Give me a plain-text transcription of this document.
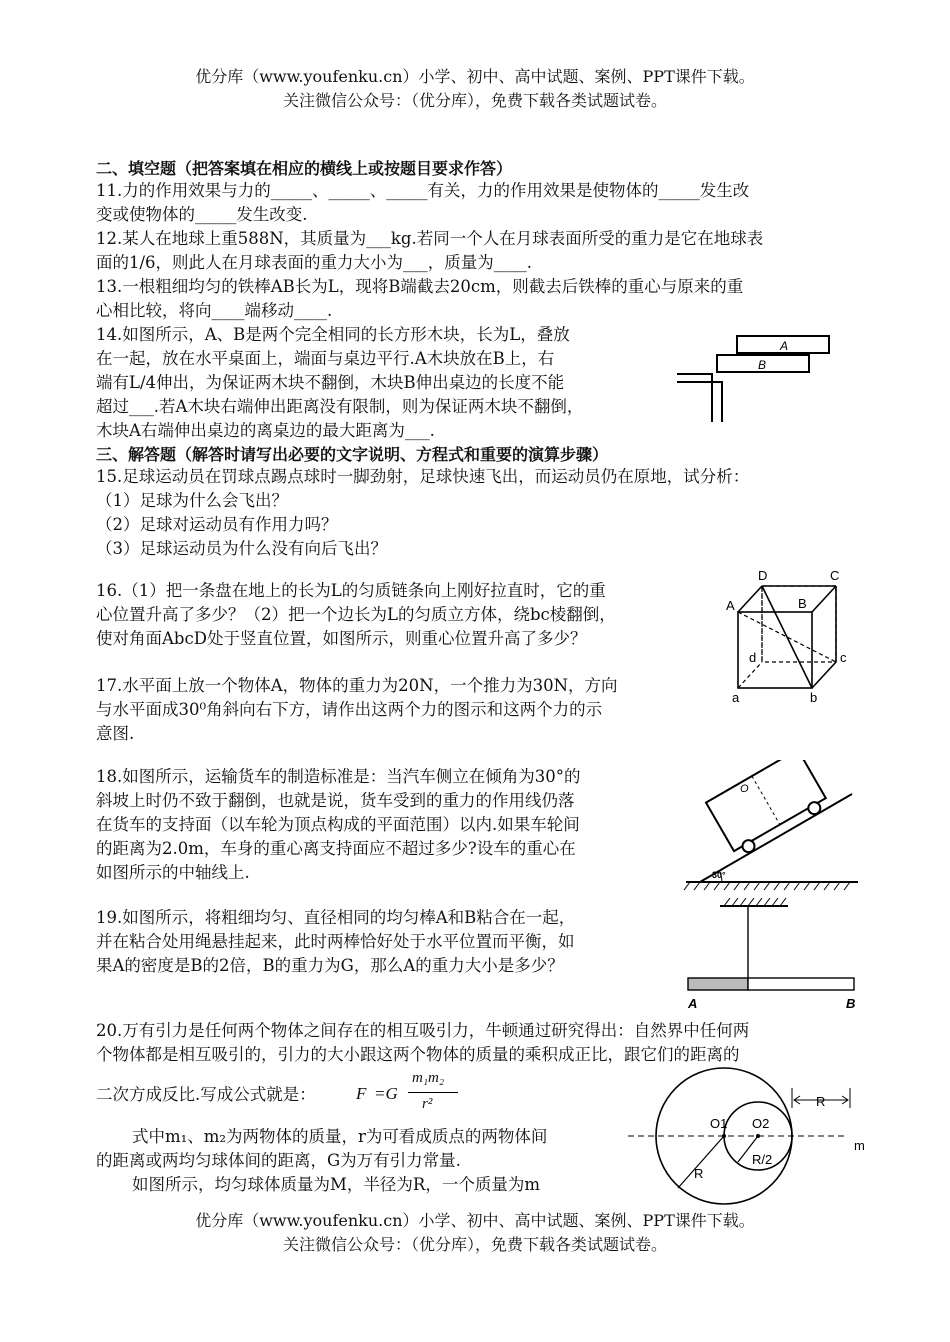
优分库（www.youfenku.cn）小学、初中、高中试题、案例、PPT课件下载。
关注微信公众号：（优分库），免费下载各类试题试卷。
二、填空题（把答案填在相应的横线上或按题目要求作答）
11.力的作用效果与力的_____、_____、_____有关，力的作用效果是使物体的_____发生改
变或使物体的_____发生改变.
12.某人在地球上重588N，其质量为___kg.若同一个人在月球表面所受的重力是它在地球表
面的1/6，则此人在月球表面的重力大小为___，质量为____.
13.一根粗细均匀的铁棒AB长为L，现将B端截去20cm，则截去后铁棒的重心与原来的重
心相比较，将向____端移动____.
14.如图所示，A、B是两个完全相同的长方形木块，长为L，叠放
在一起，放在水平桌面上，端面与桌边平行.A木块放在B上，右
端有L/4伸出，为保证两木块不翻倒，木块B伸出桌边的长度不能
超过___.若A木块右端伸出距离没有限制，则为保证两木块不翻倒，
木块A右端伸出桌边的离桌边的最大距离为___.
A
B
三、解答题（解答时请写出必要的文字说明、方程式和重要的演算步骤）
15.足球运动员在罚球点踢点球时一脚劲射，足球快速飞出，而运动员仍在原地，试分析：
（1）足球为什么会飞出？
（2）足球对运动员有作用力吗？
（3）足球运动员为什么没有向后飞出？
16.（1）把一条盘在地上的长为L的匀质链条向上刚好拉直时，它的重
心位置升高了多少？（2）把一个边长为L的匀质立方体，绕bc棱翻倒，
使对角面AbcD处于竖直位置，如图所示，则重心位置升高了多少？
D	C
A	B
d	c
a	b
17.水平面上放一个物体A，物体的重力为20N，一个推力为30N，方向
与水平面成30⁰角斜向右下方，请作出这两个力的图示和这两个力的示
意图.
18.如图所示，运输货车的制造标准是：当汽车侧立在倾角为30°的
斜坡上时仍不致于翻倒，也就是说，货车受到的重力的作用线仍落
在货车的支持面（以车轮为顶点构成的平面范围）以内.如果车轮间
的距离为2.0m，车身的重心离支持面应不超过多少?设车的重心在
如图所示的中轴线上.
O
30°
19.如图所示，将粗细均匀、直径相同的均匀棒A和B粘合在一起，
并在粘合处用绳悬挂起来，此时两棒恰好处于水平位置而平衡，如
果A的密度是B的2倍，B的重力为G，那么A的重力大小是多少？
A	B
20.万有引力是任何两个物体之间存在的相互吸引力，牛顿通过研究得出：自然界中任何两
个物体都是相互吸引的，引力的大小跟这两个物体的质量的乘积成正比，跟它们的距离的
二次方成反比.写成公式就是： F =G
m₁m₂
r²
式中m₁、m₂为两物体的质量，r为可看成质点的两物体间
的距离或两均匀球体间的距离，G为万有引力常量.
如图所示，均匀球体质量为M，半径为R，一个质量为m
O1 O2
R
R/2
R
m
优分库（www.youfenku.cn）小学、初中、高中试题、案例、PPT课件下载。
关注微信公众号：（优分库），免费下载各类试题试卷。
